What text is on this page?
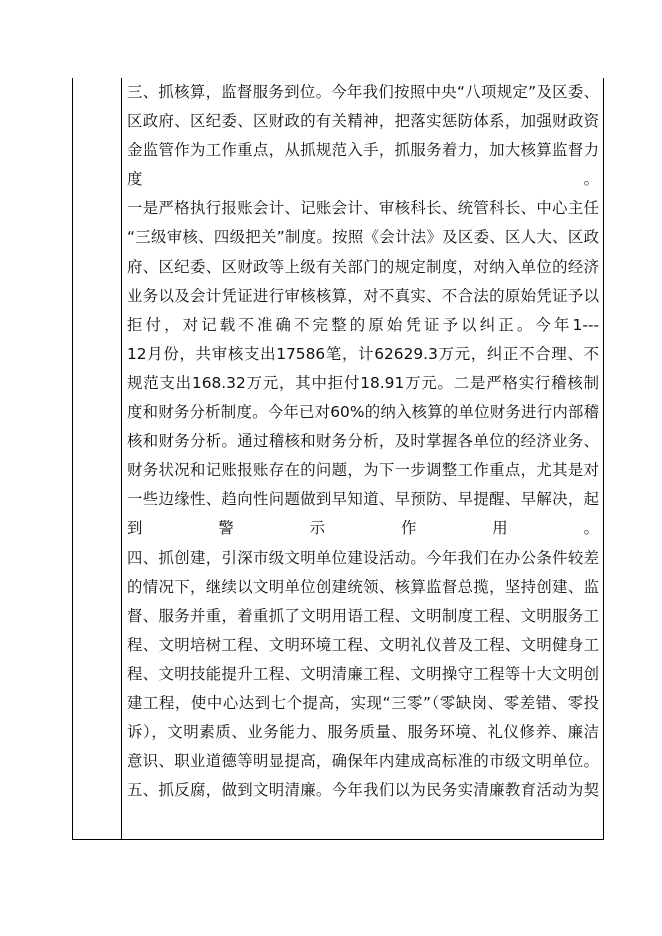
三、抓核算，监督服务到位。今年我们按照中央“八项规定”及区委、
区政府、区纪委、区财政的有关精神，把落实惩防体系，加强财政资
金监管作为工作重点，从抓规范入手，抓服务着力，加大核算监督力
度 。
一是严格执行报账会计、记账会计、审核科长、统管科长、中心主任
“三级审核、四级把关”制度。按照《会计法》及区委、区人大、区政
府、区纪委、区财政等上级有关部门的规定制度，对纳入单位的经济
业务以及会计凭证进行审核核算，对不真实、不合法的原始凭证予以
拒付，对记载不准确不完整的原始凭证予以纠正。今年1---
12月份，共审核支出17586笔，计62629.3万元，纠正不合理、不
规范支出168.32万元，其中拒付18.91万元。二是严格实行稽核制
度和财务分析制度。今年已对60%的纳入核算的单位财务进行内部稽
核和财务分析。通过稽核和财务分析，及时掌握各单位的经济业务、
财务状况和记账报账存在的问题，为下一步调整工作重点，尤其是对
一些边缘性、趋向性问题做到早知道、早预防、早提醒、早解决，起
到 警 示 作 用 。
四、抓创建，引深市级文明单位建设活动。今年我们在办公条件较差
的情况下，继续以文明单位创建统领、核算监督总揽，坚持创建、监
督、服务并重，着重抓了文明用语工程、文明制度工程、文明服务工
程、文明培树工程、文明环境工程、文明礼仪普及工程、文明健身工
程、文明技能提升工程、文明清廉工程、文明操守工程等十大文明创
建工程，使中心达到七个提高，实现“三零”（零缺岗、零差错、零投
诉），文明素质、业务能力、服务质量、服务环境、礼仪修养、廉洁
意识、职业道德等明显提高，确保年内建成高标准的市级文明单位。
五、抓反腐，做到文明清廉。今年我们以为民务实清廉教育活动为契
